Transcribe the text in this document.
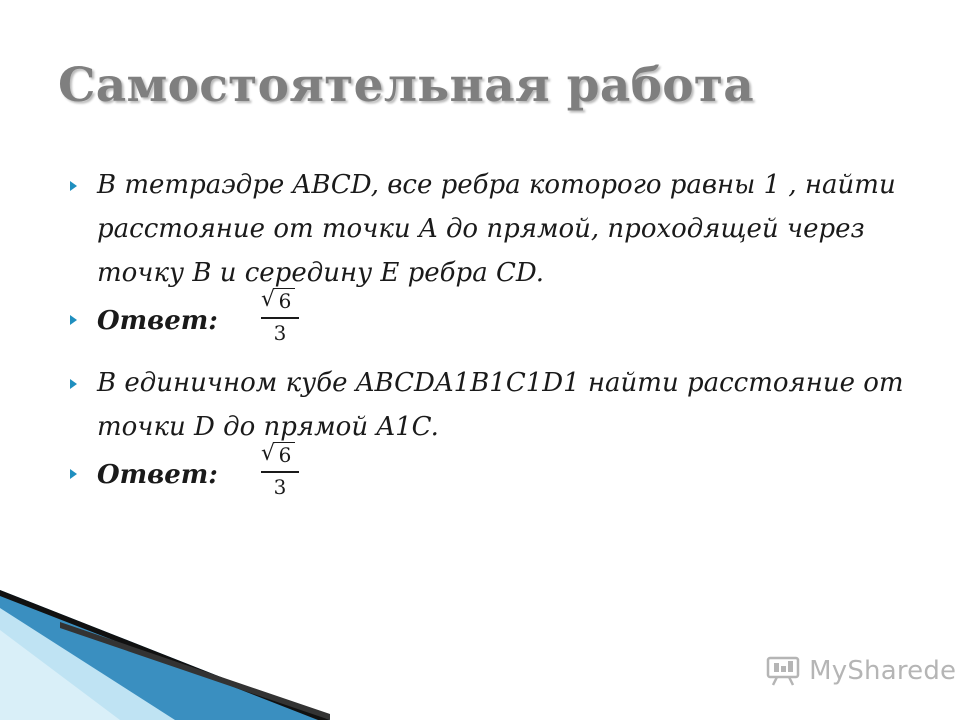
Самостоятельная работа
В тетраэдре ABCD, все ребра которого равны 1 , найти расстояние от точки A до прямой, проходящей через точку B и середину E ребра CD.
Ответ:
√ 6
3
В единичном кубе ABCDA1B1C1D1 найти расстояние от точки D до прямой A1C.
Ответ:
√ 6
3
MySharede
